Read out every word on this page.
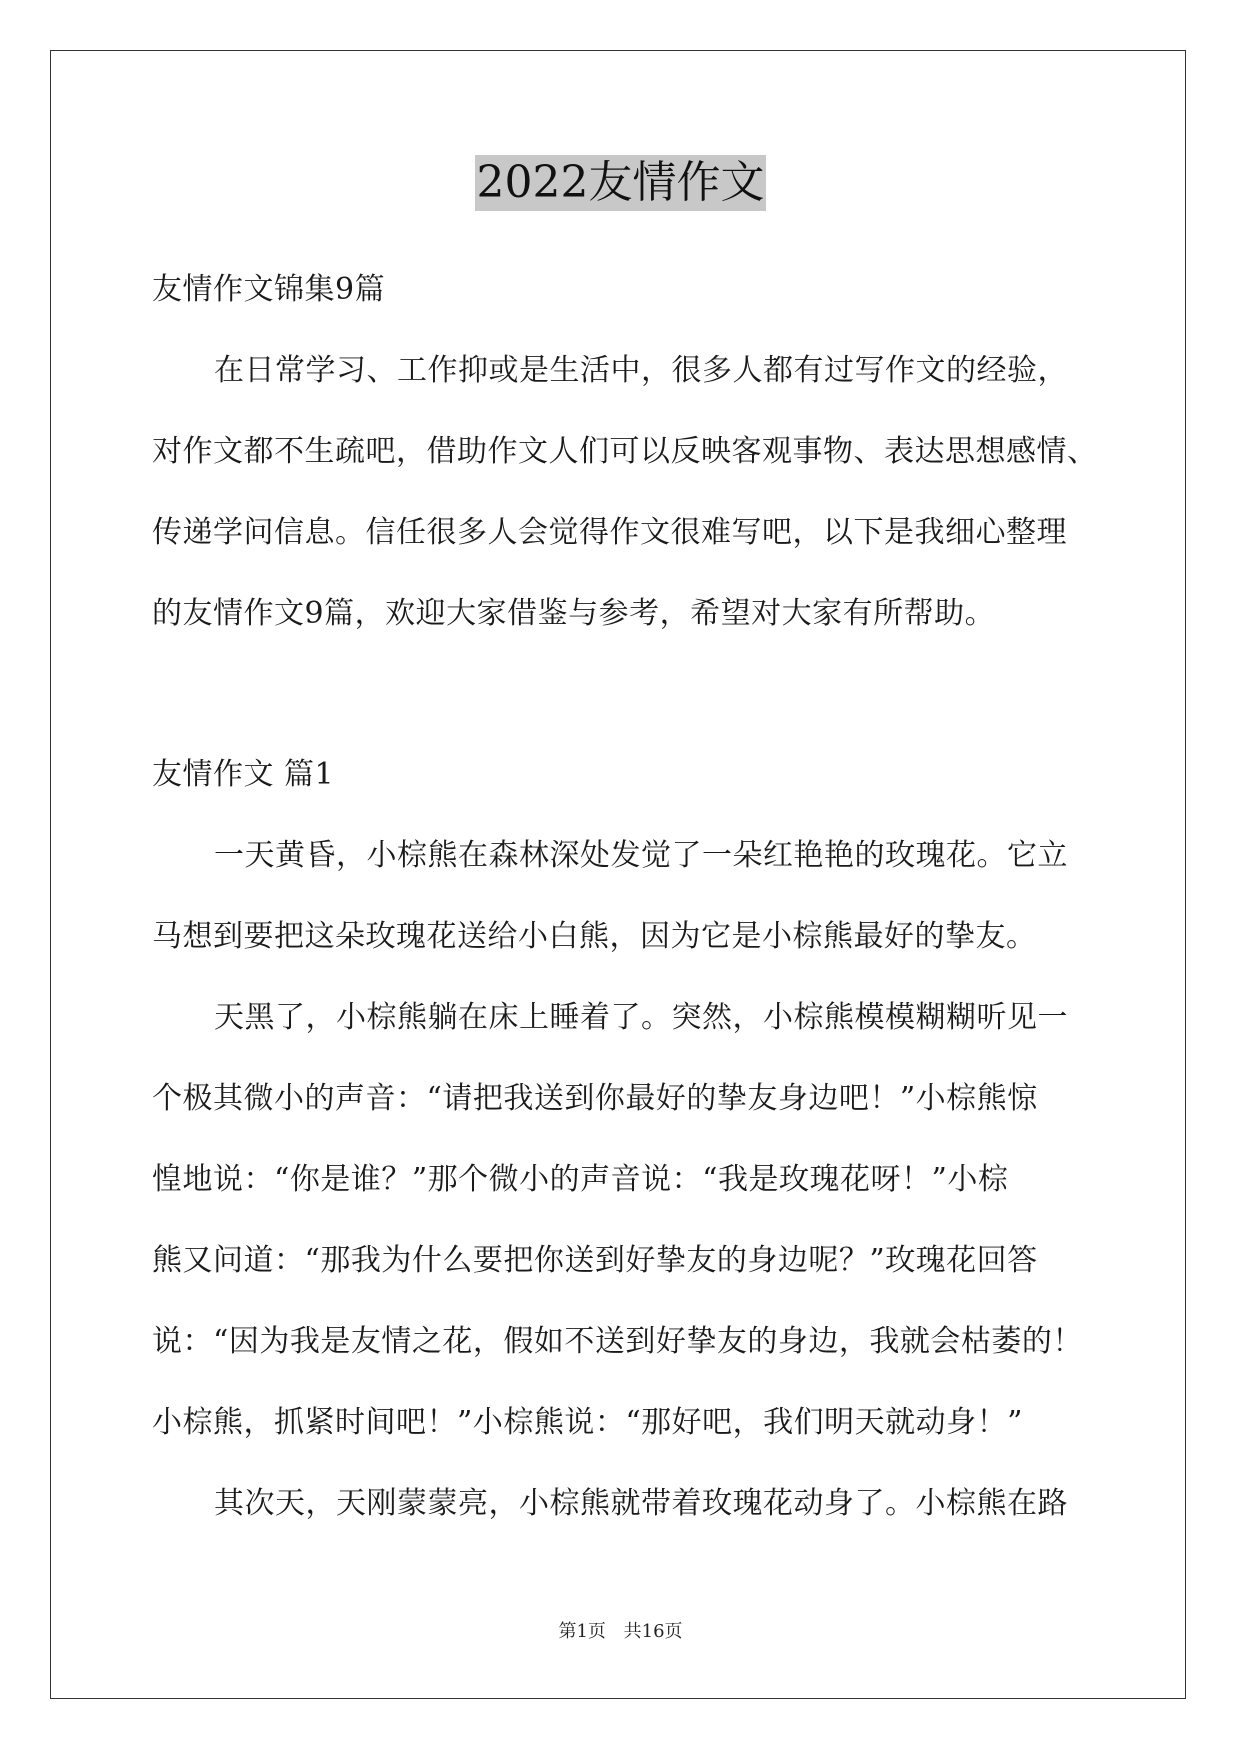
2022友情作文
友情作文锦集9篇
在日常学习、工作抑或是生活中，很多人都有过写作文的经验，
对作文都不生疏吧，借助作文人们可以反映客观事物、表达思想感情、
传递学问信息。信任很多人会觉得作文很难写吧，以下是我细心整理
的友情作文9篇，欢迎大家借鉴与参考，希望对大家有所帮助。
友情作文 篇1
一天黄昏，小棕熊在森林深处发觉了一朵红艳艳的玫瑰花。它立
马想到要把这朵玫瑰花送给小白熊，因为它是小棕熊最好的挚友。
天黑了，小棕熊躺在床上睡着了。突然，小棕熊模模糊糊听见一
个极其微小的声音：“请把我送到你最好的挚友身边吧！”小棕熊惊
惶地说：“你是谁？”那个微小的声音说：“我是玫瑰花呀！”小棕
熊又问道：“那我为什么要把你送到好挚友的身边呢？”玫瑰花回答
说：“因为我是友情之花，假如不送到好挚友的身边，我就会枯萎的！
小棕熊，抓紧时间吧！”小棕熊说：“那好吧，我们明天就动身！”
其次天，天刚蒙蒙亮，小棕熊就带着玫瑰花动身了。小棕熊在路
第1页 共16页
